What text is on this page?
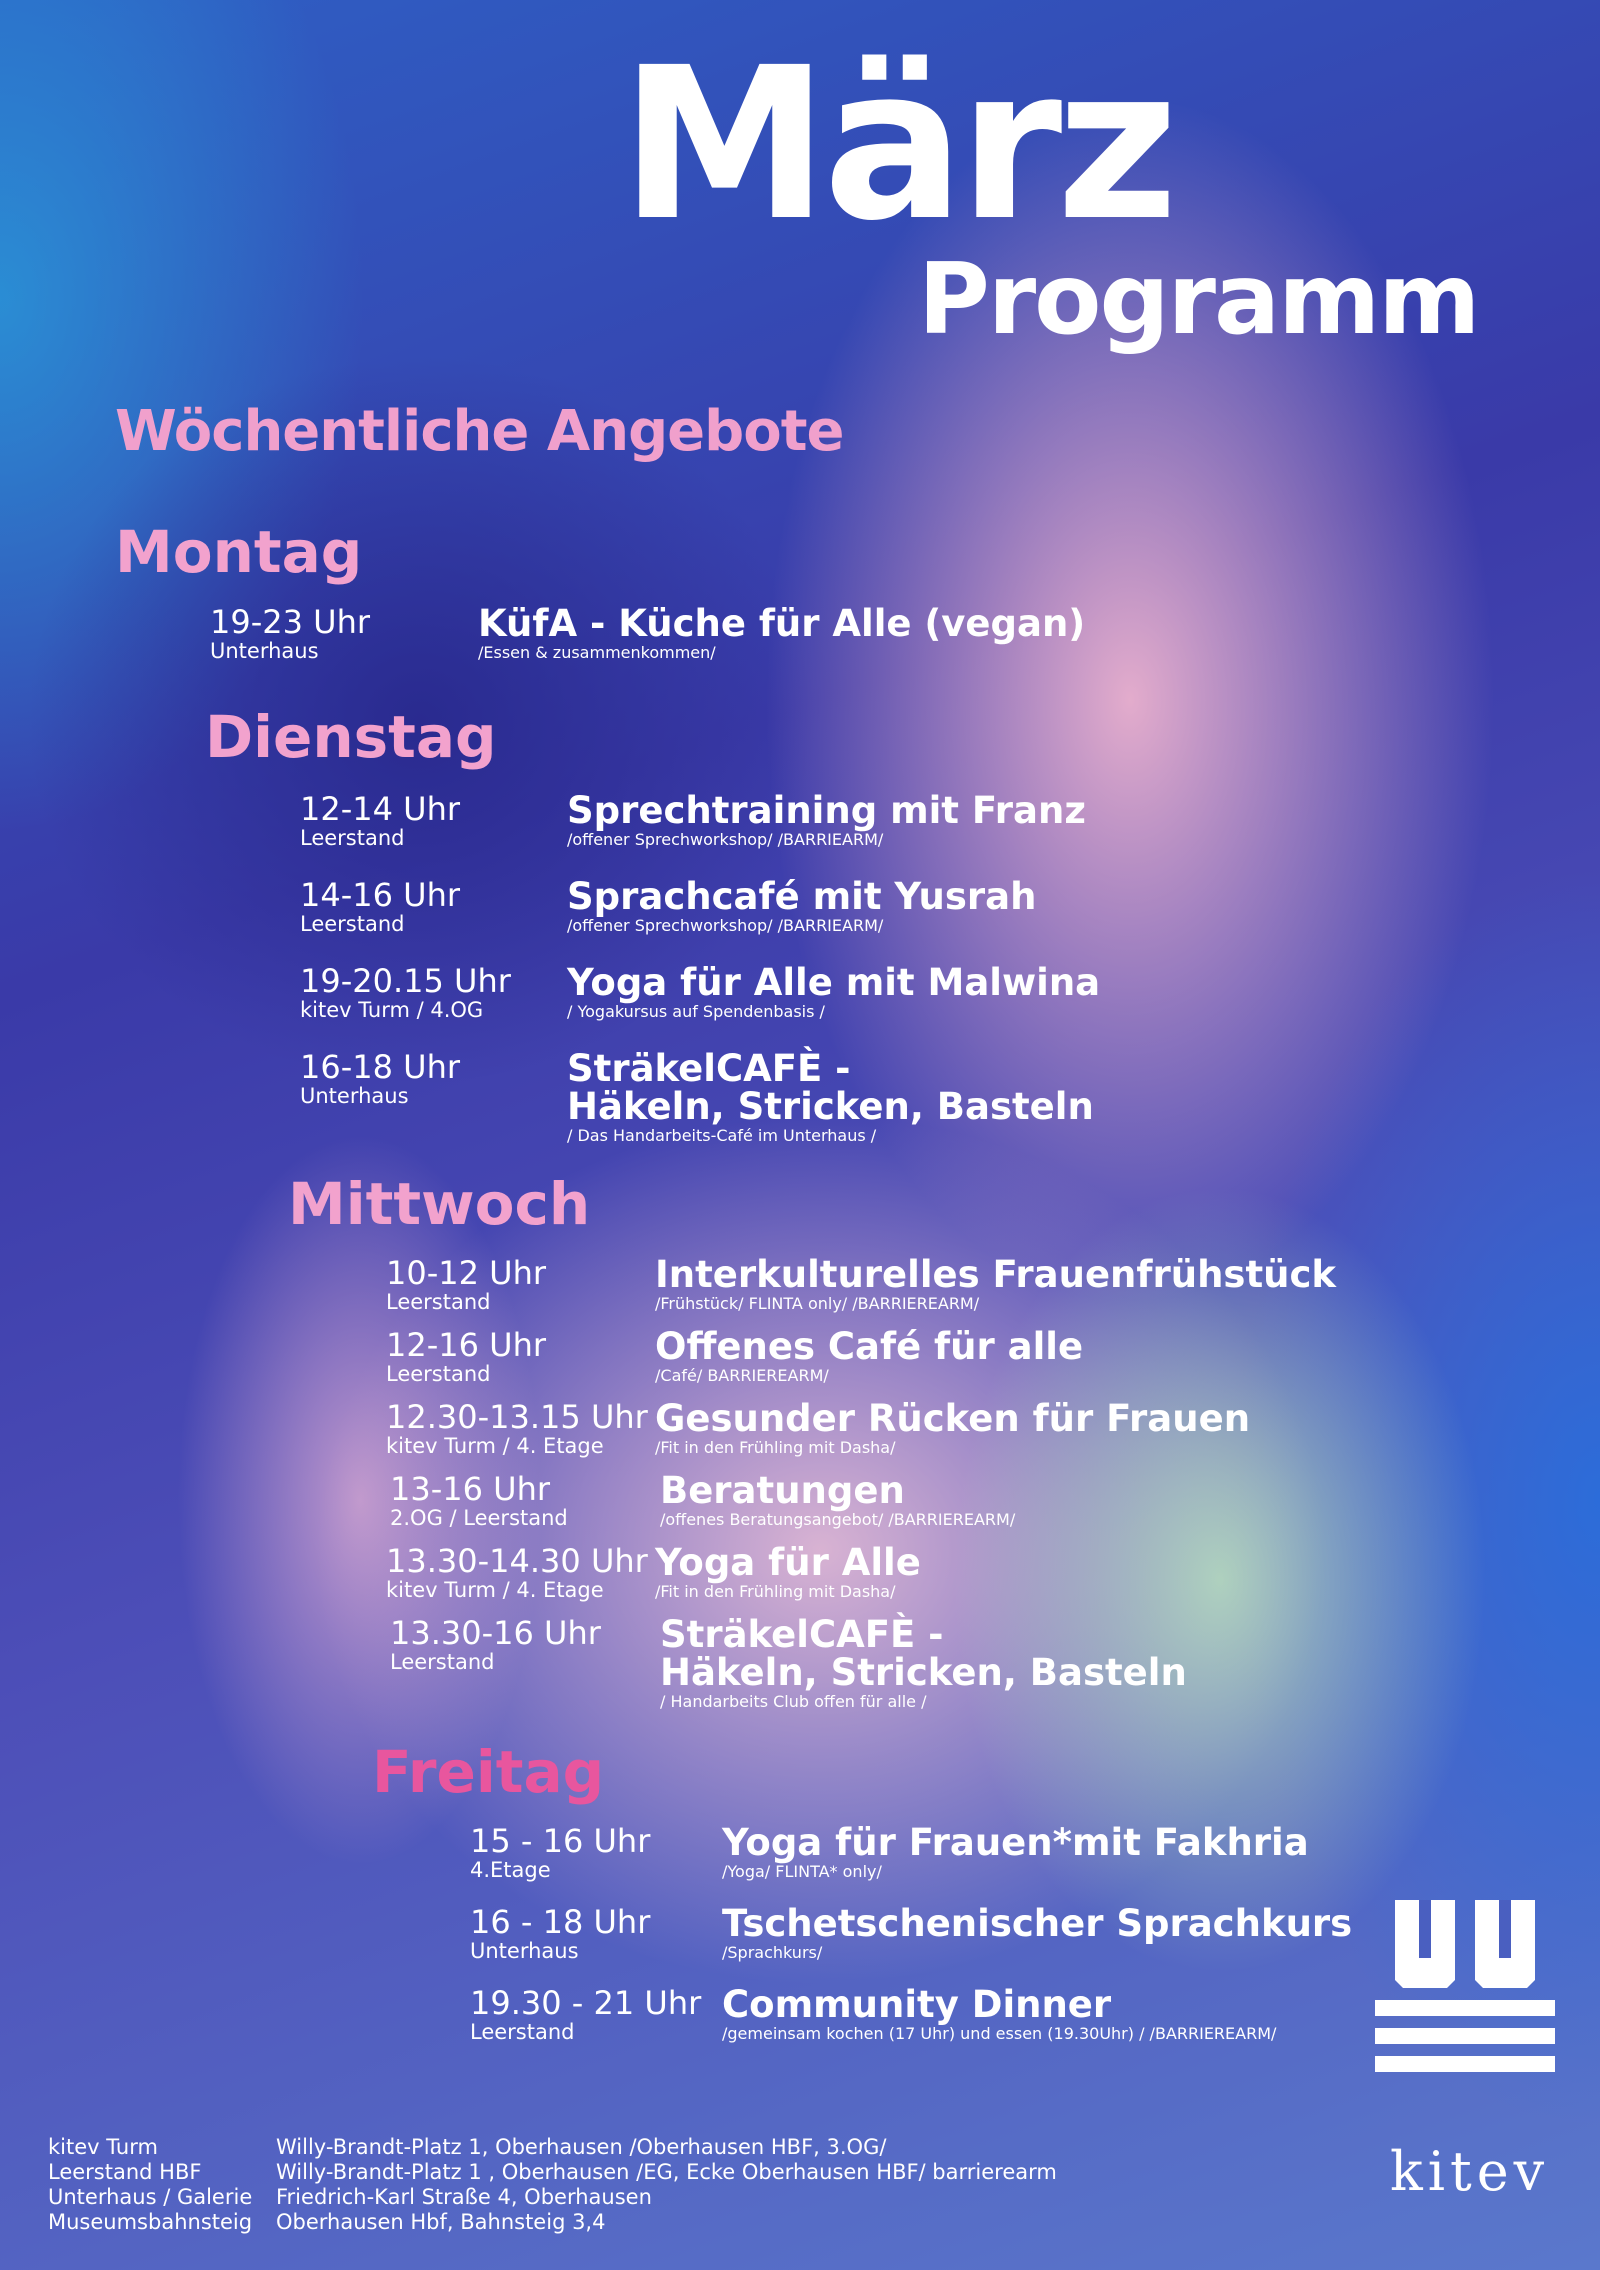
März
Programm
Wöchentliche Angebote
Montag
19-23 Uhr
Unterhaus
KüfA - Küche für Alle (vegan)
/Essen & zusammenkommen/
Dienstag
12-14 Uhr
Leerstand
Sprechtraining mit Franz
/offener Sprechworkshop/ /BARRIEARM/
14-16 Uhr
Leerstand
Sprachcafé mit Yusrah
/offener Sprechworkshop/ /BARRIEARM/
19-20.15 Uhr
kitev Turm / 4.OG
Yoga für Alle mit Malwina
/ Yogakursus auf Spendenbasis /
16-18 Uhr
Unterhaus
SträkelCAFÈ -
Häkeln, Stricken, Basteln
/ Das Handarbeits-Café im Unterhaus /
Mittwoch
10-12 Uhr
Leerstand
Interkulturelles Frauenfrühstück
/Frühstück/ FLINTA only/ /BARRIEREARM/
12-16 Uhr
Leerstand
Offenes Café für alle
/Café/ BARRIEREARM/
12.30-13.15 Uhr
kitev Turm / 4. Etage
Gesunder Rücken für Frauen
/Fit in den Frühling mit Dasha/
13-16 Uhr
2.OG / Leerstand
Beratungen
/offenes Beratungsangebot/ /BARRIEREARM/
13.30-14.30 Uhr
kitev Turm / 4. Etage
Yoga für Alle
/Fit in den Frühling mit Dasha/
13.30-16 Uhr
Leerstand
SträkelCAFÈ -
Häkeln, Stricken, Basteln
/ Handarbeits Club offen für alle /
Freitag
15 - 16 Uhr
4.Etage
Yoga für Frauen*mit Fakhria
/Yoga/ FLINTA* only/
16 - 18 Uhr
Unterhaus
Tschetschenischer Sprachkurs
/Sprachkurs/
19.30 - 21 Uhr
Leerstand
Community Dinner
/gemeinsam kochen (17 Uhr) und essen (19.30Uhr) / /BARRIEREARM/
kitev
kitev Turm
Leerstand HBF
Unterhaus / Galerie
Museumsbahnsteig
Willy-Brandt-Platz 1, Oberhausen /Oberhausen HBF, 3.OG/
Willy-Brandt-Platz 1 , Oberhausen /EG, Ecke Oberhausen HBF/ barrierearm
Friedrich-Karl Straße 4, Oberhausen
Oberhausen Hbf, Bahnsteig 3,4
